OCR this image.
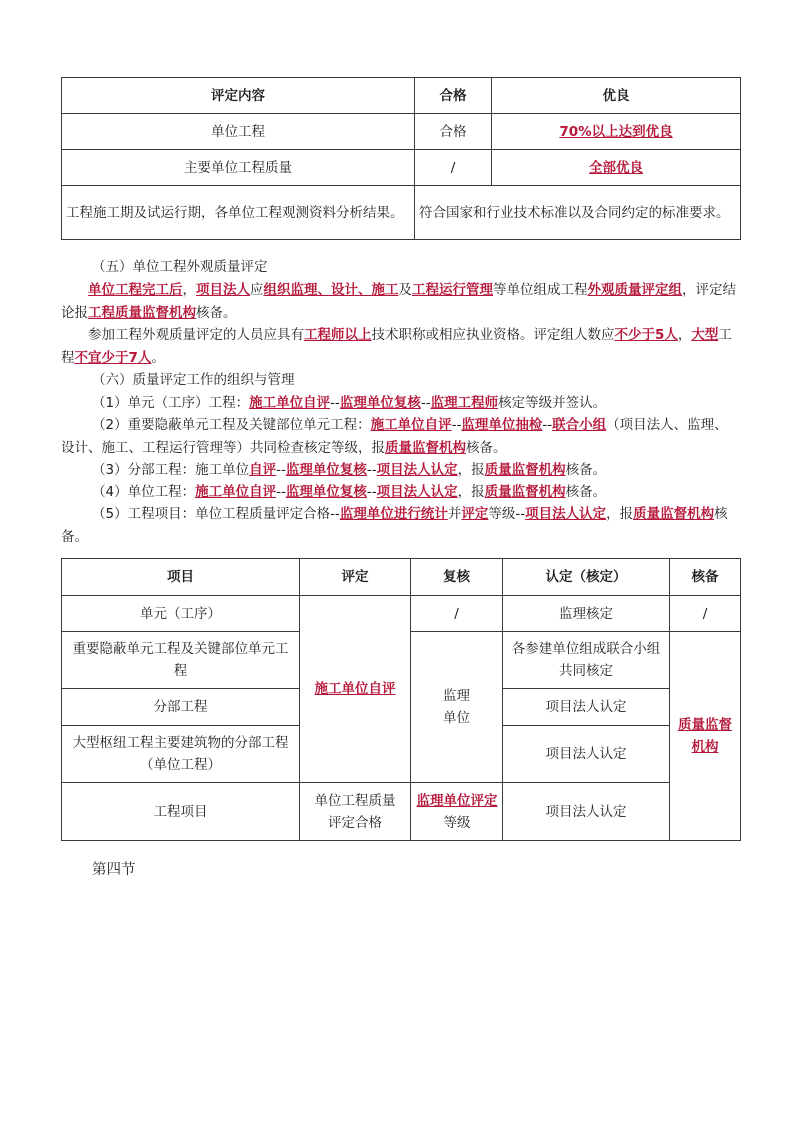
评定内容	合格	优良
单位工程	合格	70%以上达到优良
主要单位工程质量	/	全部优良
工程施工期及试运行期，各单位工程观测资料分析结果。	符合国家和行业技术标准以及合同约定的标准要求。	
（五）单位工程外观质量评定
单位工程完工后，项目法人应组织监理、设计、施工及工程运行管理等单位组成工程外观质量评定组，评定结论报工程质量监督机构核备。
参加工程外观质量评定的人员应具有工程师以上技术职称或相应执业资格。评定组人数应不少于5人，大型工程不宜少于7人。
（六）质量评定工作的组织与管理
（1）单元（工序）工程：施工单位自评--监理单位复核--监理工程师核定等级并签认。
（2）重要隐蔽单元工程及关键部位单元工程：施工单位自评--监理单位抽检--联合小组（项目法人、监理、设计、施工、工程运行管理等）共同检查核定等级，报质量监督机构核备。
（3）分部工程：施工单位自评--监理单位复核--项目法人认定，报质量监督机构核备。
（4）单位工程：施工单位自评--监理单位复核--项目法人认定，报质量监督机构核备。
（5）工程项目：单位工程质量评定合格--监理单位进行统计并评定等级--项目法人认定，报质量监督机构核备。
项目	评定	复核	认定（核定）	核备
单元（工序）	施工单位自评	/	监理核定	/
重要隐蔽单元工程及关键部位单元工程		监理单位	各参建单位组成联合小组共同核定	质量监督机构

分部工程			项目法人认定	
大型枢纽工程主要建筑物的分部工程（单位工程）			项目法人认定	
工程项目	单位工程质量评定合格	监理单位评定等级	项目法人认定	
第四节
